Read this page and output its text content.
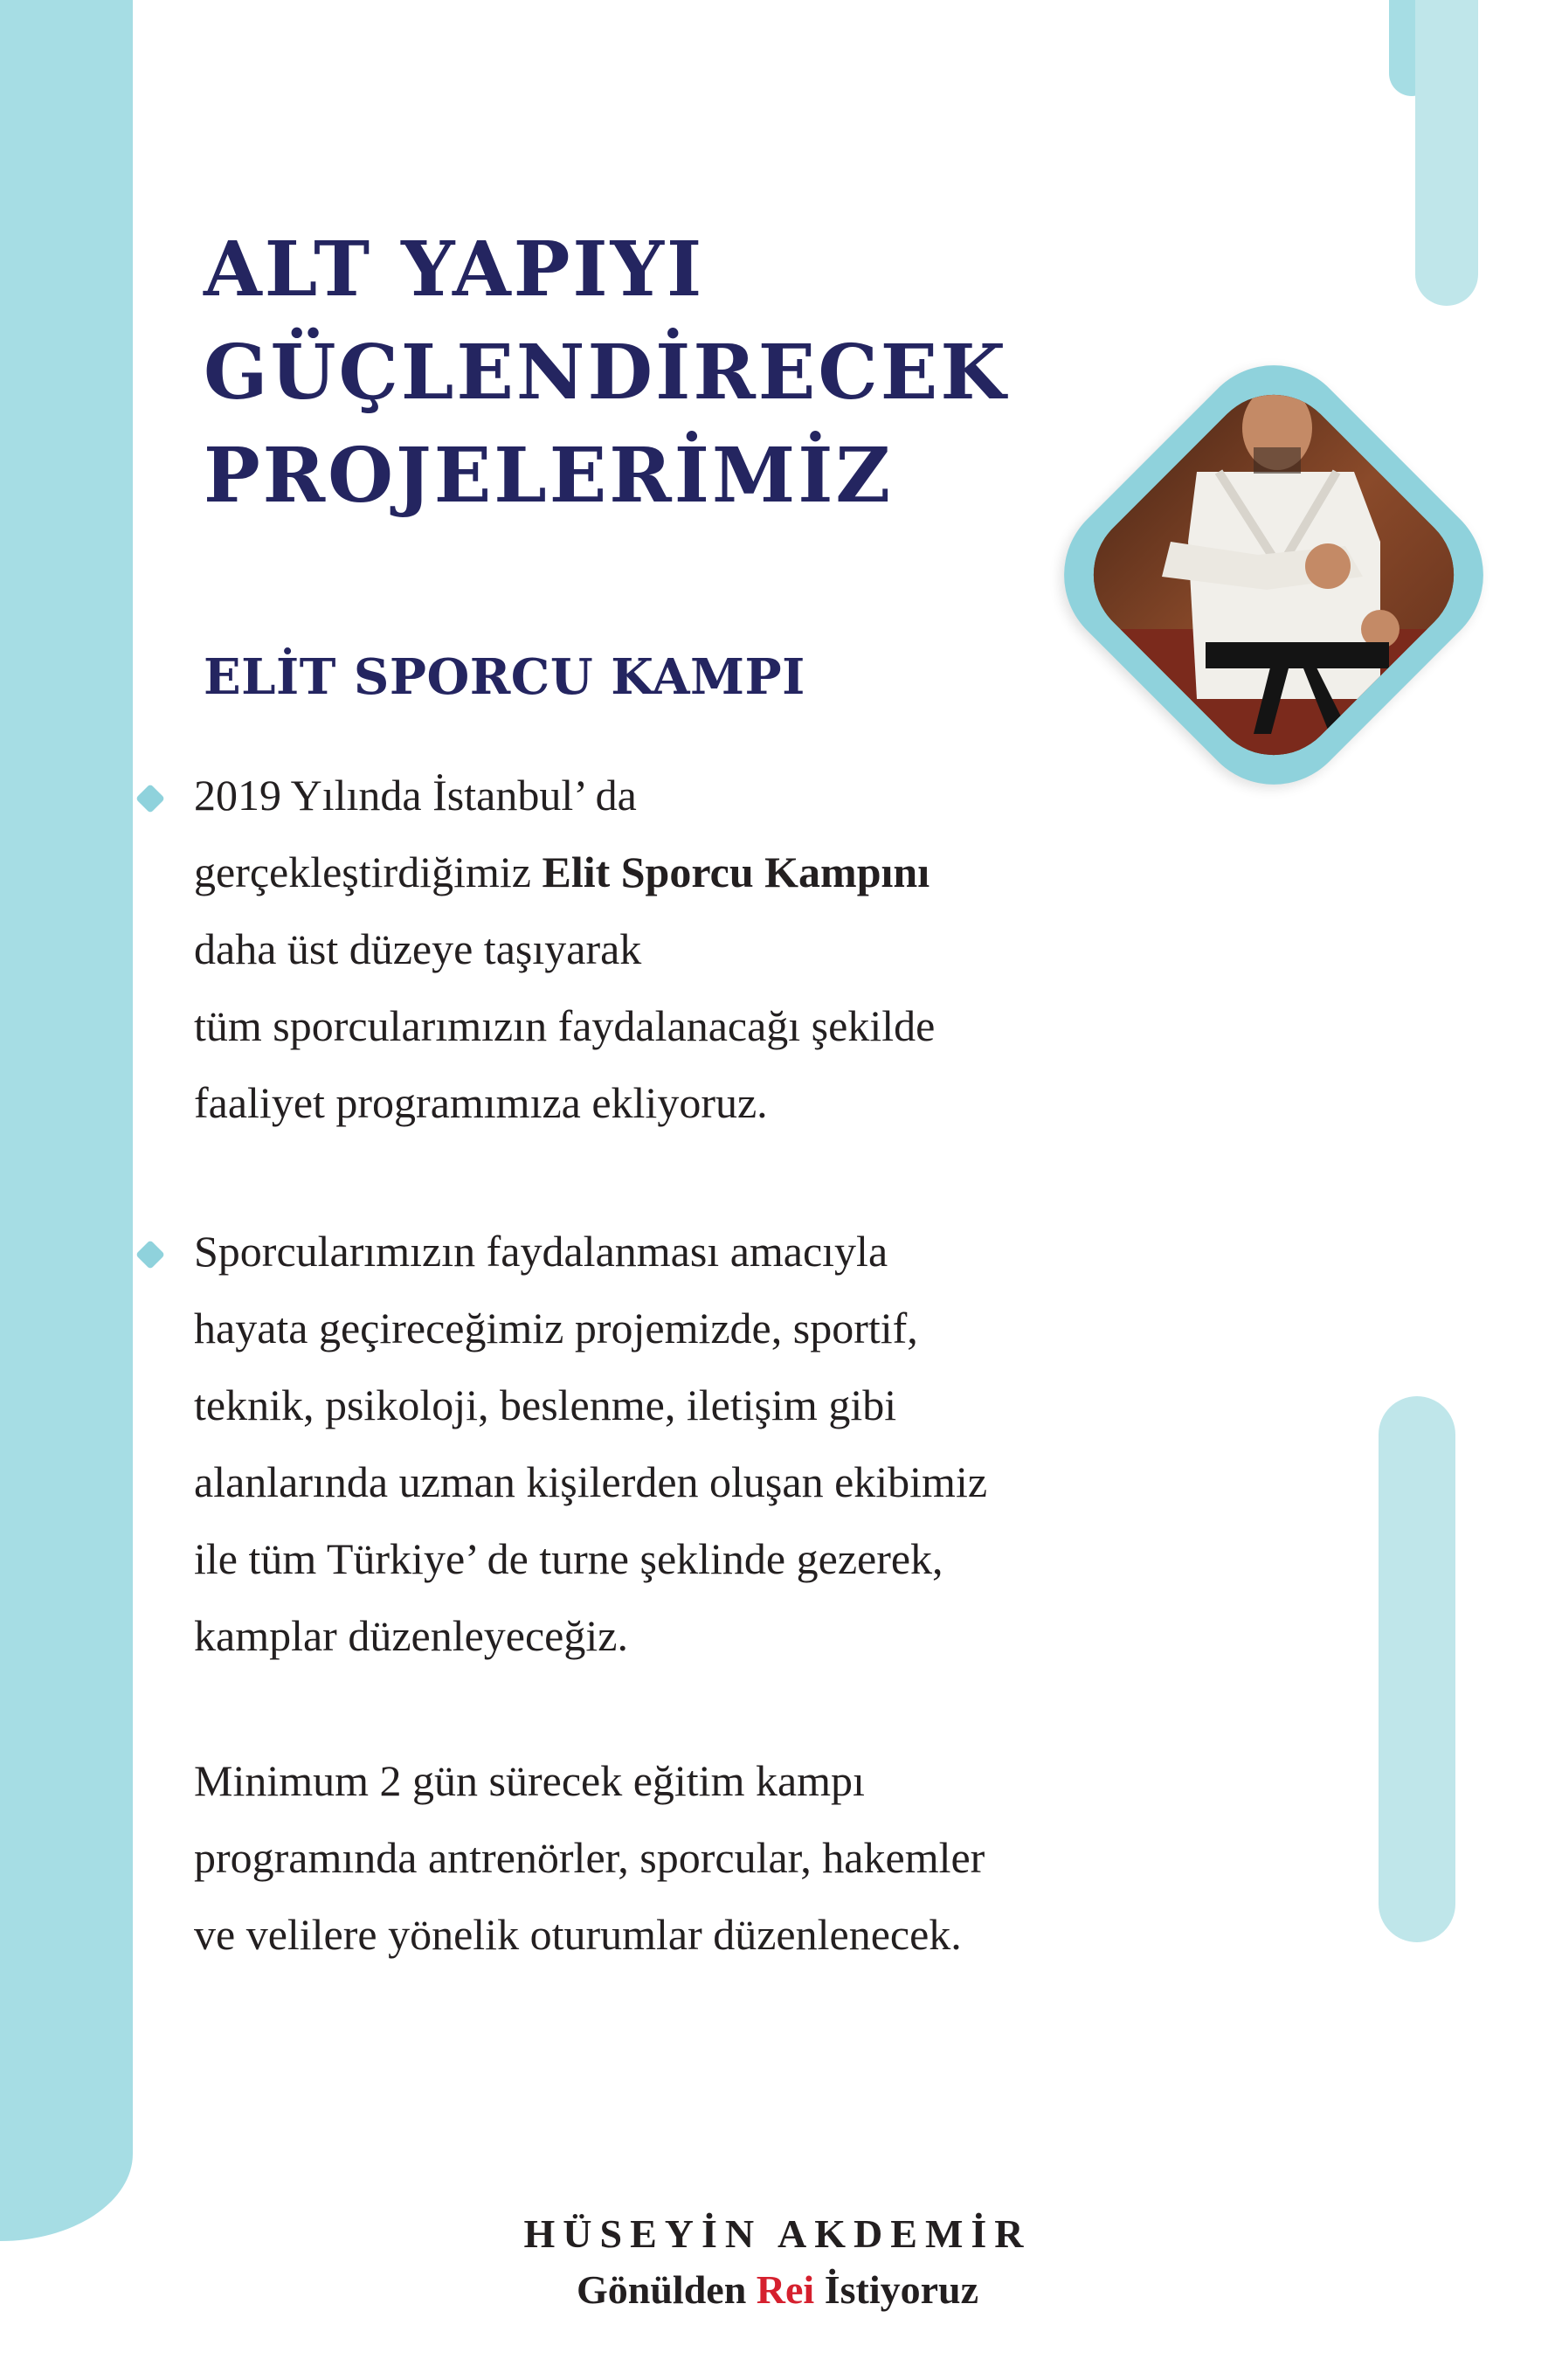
ALT YAPIYI
GÜÇLENDİRECEK
PROJELERİMİZ
ELİT SPORCU KAMPI
2019 Yılında İstanbul’ da
gerçekleştirdiğimiz Elit Sporcu Kampını
daha üst düzeye taşıyarak
tüm sporcularımızın faydalanacağı şekilde
faaliyet programımıza ekliyoruz.
Sporcularımızın faydalanması amacıyla
hayata geçireceğimiz projemizde, sportif,
teknik, psikoloji, beslenme, iletişim gibi
alanlarında uzman kişilerden oluşan ekibimiz
ile tüm Türkiye’ de turne şeklinde gezerek,
kamplar düzenleyeceğiz.
Minimum 2 gün sürecek eğitim kampı
programında antrenörler, sporcular, hakemler
ve velilere yönelik oturumlar düzenlenecek.

HÜSEYİN AKDEMİR

Gönülden Rei İstiyoruz
